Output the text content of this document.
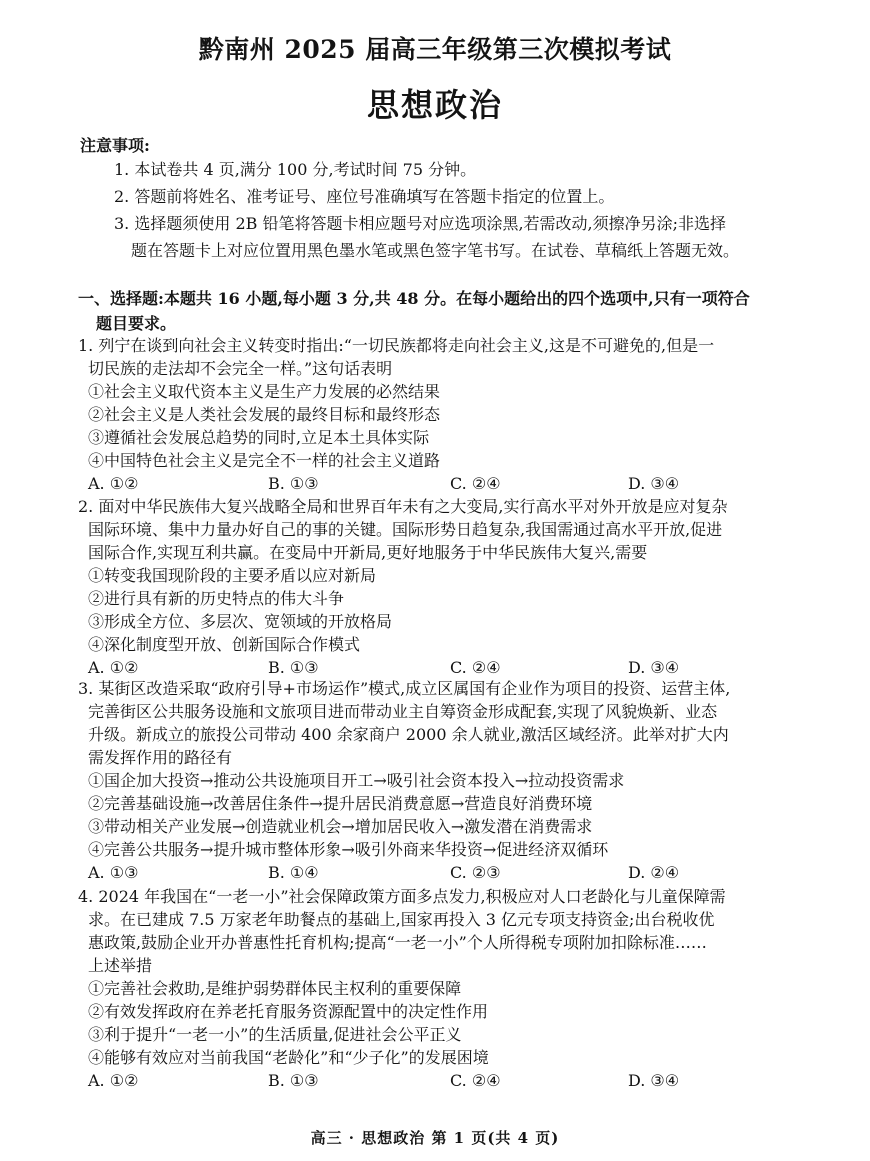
黔南州 2025 届高三年级第三次模拟考试
思想政治
注意事项:
1. 本试卷共 4 页,满分 100 分,考试时间 75 分钟。
2. 答题前将姓名、准考证号、座位号准确填写在答题卡指定的位置上。
3. 选择题须使用 2B 铅笔将答题卡相应题号对应选项涂黑,若需改动,须擦净另涂;非选择
题在答题卡上对应位置用黑色墨水笔或黑色签字笔书写。在试卷、草稿纸上答题无效。
一、选择题:本题共 16 小题,每小题 3 分,共 48 分。在每小题给出的四个选项中,只有一项符合
题目要求。
1. 列宁在谈到向社会主义转变时指出:“一切民族都将走向社会主义,这是不可避免的,但是一
切民族的走法却不会完全一样。”这句话表明
①社会主义取代资本主义是生产力发展的必然结果
②社会主义是人类社会发展的最终目标和最终形态
③遵循社会发展总趋势的同时,立足本土具体实际
④中国特色社会主义是完全不一样的社会主义道路
A. ①②	B. ①③	C. ②④	D. ③④
2. 面对中华民族伟大复兴战略全局和世界百年未有之大变局,实行高水平对外开放是应对复杂
国际环境、集中力量办好自己的事的关键。国际形势日趋复杂,我国需通过高水平开放,促进
国际合作,实现互利共赢。在变局中开新局,更好地服务于中华民族伟大复兴,需要
①转变我国现阶段的主要矛盾以应对新局
②进行具有新的历史特点的伟大斗争
③形成全方位、多层次、宽领域的开放格局
④深化制度型开放、创新国际合作模式
A. ①②	B. ①③	C. ②④	D. ③④
3. 某街区改造采取“政府引导+市场运作”模式,成立区属国有企业作为项目的投资、运营主体,
完善街区公共服务设施和文旅项目进而带动业主自筹资金形成配套,实现了风貌焕新、业态
升级。新成立的旅投公司带动 400 余家商户 2000 余人就业,激活区域经济。此举对扩大内
需发挥作用的路径有
①国企加大投资→推动公共设施项目开工→吸引社会资本投入→拉动投资需求
②完善基础设施→改善居住条件→提升居民消费意愿→营造良好消费环境
③带动相关产业发展→创造就业机会→增加居民收入→激发潜在消费需求
④完善公共服务→提升城市整体形象→吸引外商来华投资→促进经济双循环
A. ①③	B. ①④	C. ②③	D. ②④
4. 2024 年我国在“一老一小”社会保障政策方面多点发力,积极应对人口老龄化与儿童保障需
求。在已建成 7.5 万家老年助餐点的基础上,国家再投入 3 亿元专项支持资金;出台税收优
惠政策,鼓励企业开办普惠性托育机构;提高“一老一小”个人所得税专项附加扣除标准……
上述举措
①完善社会救助,是维护弱势群体民主权利的重要保障
②有效发挥政府在养老托育服务资源配置中的决定性作用
③利于提升“一老一小”的生活质量,促进社会公平正义
④能够有效应对当前我国“老龄化”和“少子化”的发展困境
A. ①②	B. ①③	C. ②④	D. ③④
高三 · 思想政治 第 1 页(共 4 页)
